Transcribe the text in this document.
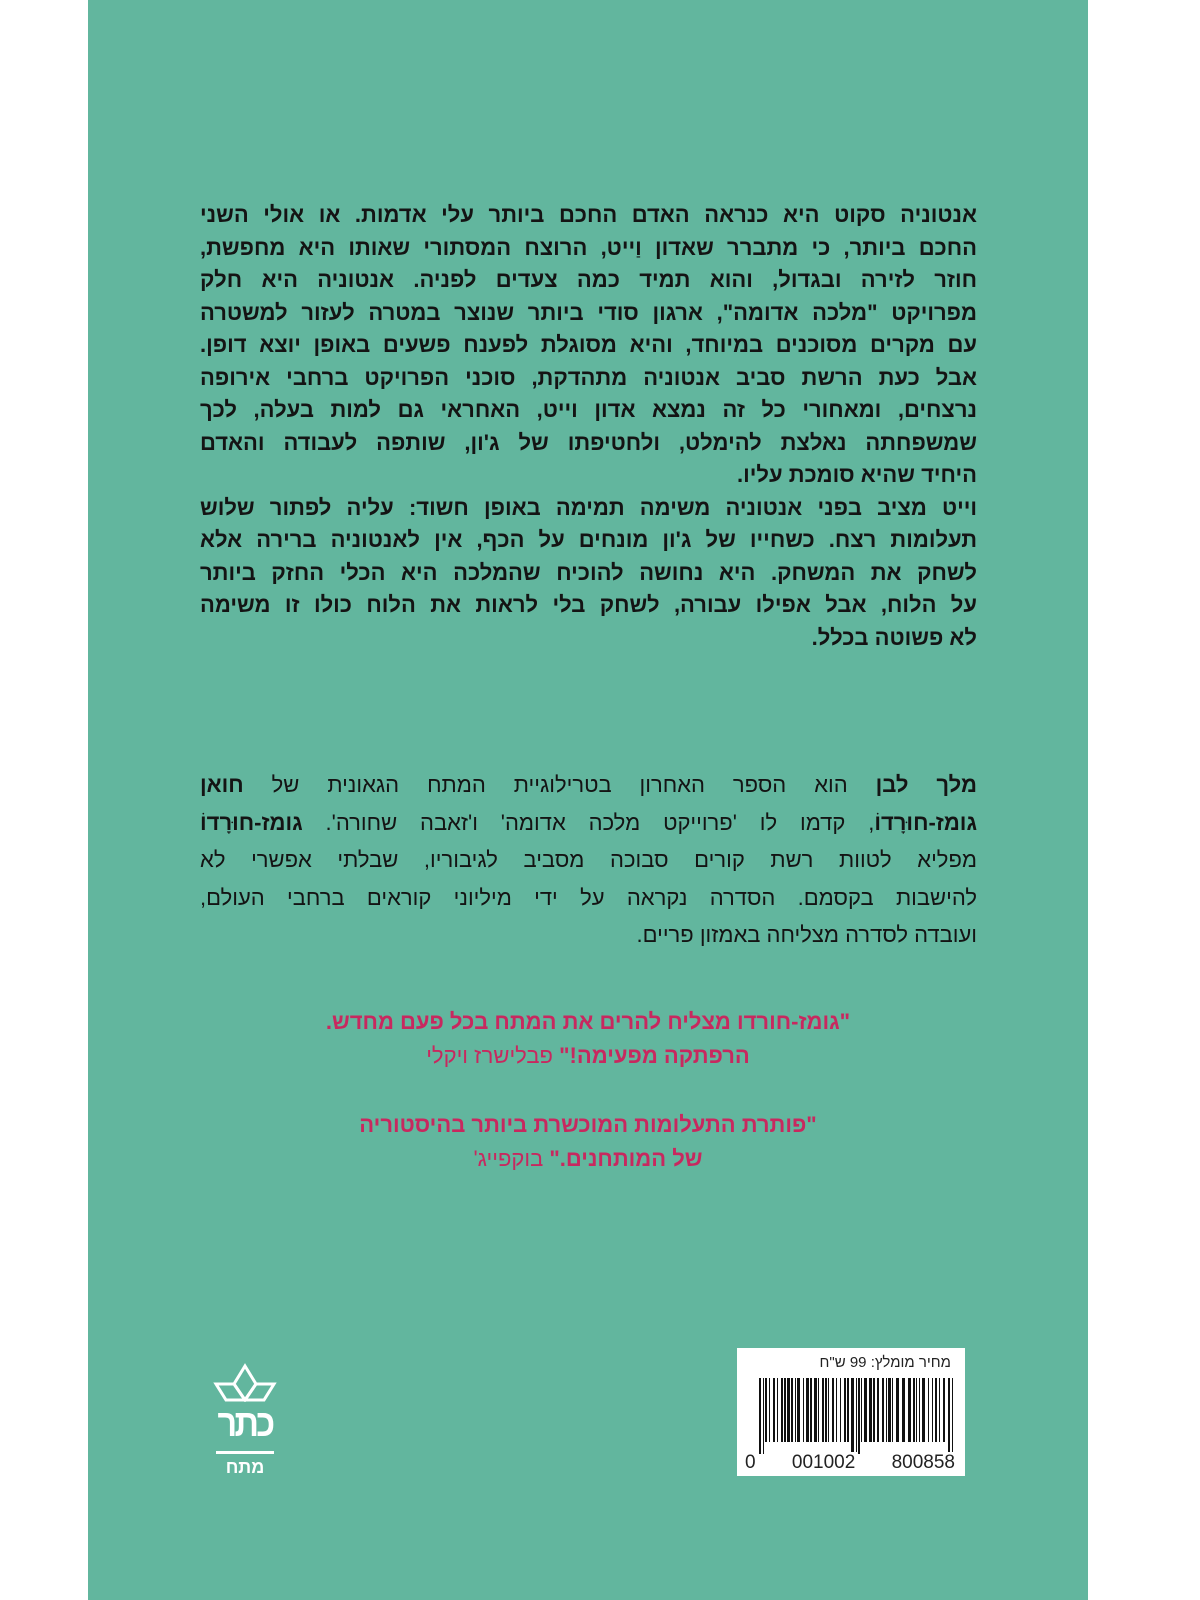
אנטוניה סקוט היא כנראה האדם החכם ביותר עלי אדמות. או אולי השני
החכם ביותר, כי מתברר שאדון וַייט, הרוצח המסתורי שאותו היא מחפשת,
חוזר לזירה ובגדול, והוא תמיד כמה צעדים לפניה. אנטוניה היא חלק
מפרויקט "מלכה אדומה", ארגון סודי ביותר שנוצר במטרה לעזור למשטרה
עם מקרים מסוכנים במיוחד, והיא מסוגלת לפענח פשעים באופן יוצא דופן.
אבל כעת הרשת סביב אנטוניה מתהדקת, סוכני הפרויקט ברחבי אירופה
נרצחים, ומאחורי כל זה נמצא אדון וייט, האחראי גם למות בעלה, לכך
שמשפחתה נאלצת להימלט, ולחטיפתו של ג'ון, שותפה לעבודה והאדם
היחיד שהיא סומכת עליו.
וייט מציב בפני אנטוניה משימה תמימה באופן חשוד: עליה לפתור שלוש
תעלומות רצח. כשחייו של ג'ון מונחים על הכף, אין לאנטוניה ברירה אלא
לשחק את המשחק. היא נחושה להוכיח שהמלכה היא הכלי החזק ביותר
על הלוח, אבל אפילו עבורה, לשחק בלי לראות את הלוח כולו זו משימה
לא פשוטה בכלל.
מלך לבן הוא הספר האחרון בטרילוגיית המתח הגאונית של חואן
גומז-חוּרָדוֹ, קדמו לו 'פרוייקט מלכה אדומה' ו'זאבה שחורה'. גומז-חוּרָדוֹ
מפליא לטוות רשת קורים סבוכה מסביב לגיבוריו, שבלתי אפשרי לא
להישבות בקסמם. הסדרה נקראה על ידי מיליוני קוראים ברחבי העולם,
ועובדה לסדרה מצליחה באמזון פריים.
"גומז-חורדו מצליח להרים את המתח בכל פעם מחדש.
הרפתקה מפעימה!" פבלישרז ויקלי
"פותרת התעלומות המוכשרת ביותר בהיסטוריה
של המותחנים." בוקפייג'
מחיר מומלץ: 99 ש"ח
0 001002 800858
כתר
מתח
